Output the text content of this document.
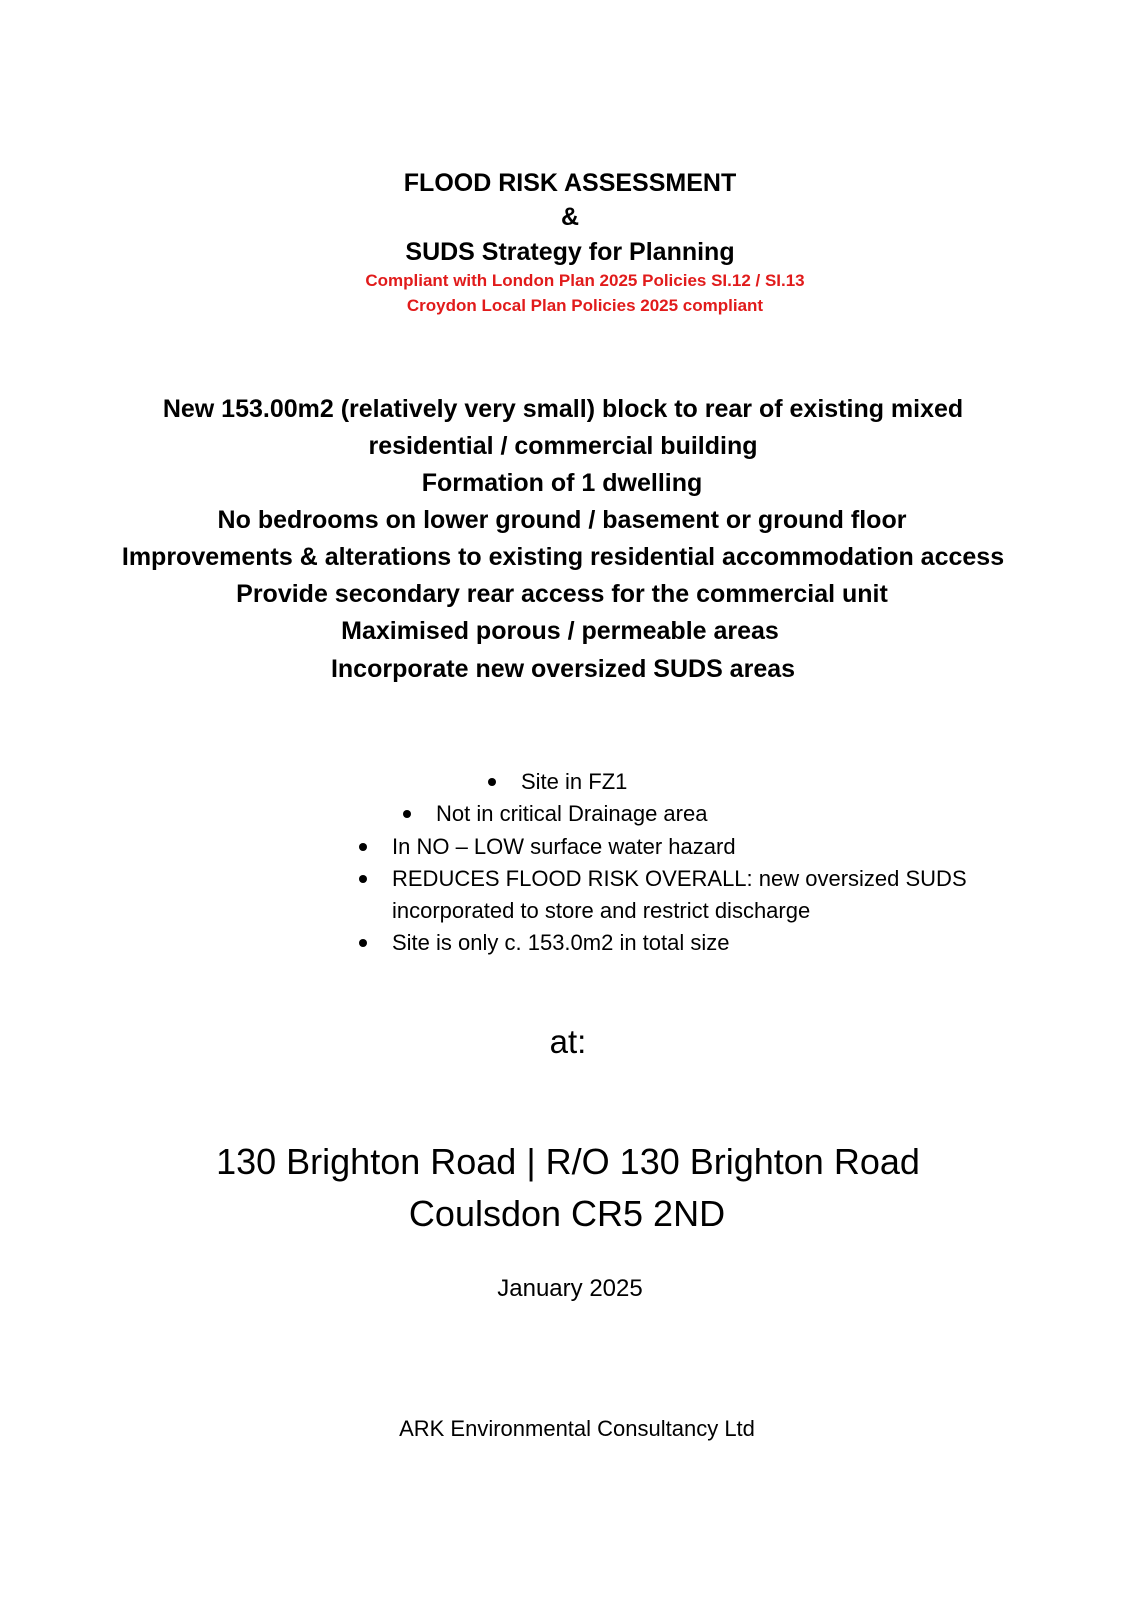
FLOOD RISK ASSESSMENT
&
SUDS Strategy for Planning
Compliant with London Plan 2025 Policies SI.12 / SI.13
Croydon Local Plan Policies 2025 compliant
New 153.00m2 (relatively very small) block to rear of existing mixed
residential / commercial building
Formation of 1 dwelling
No bedrooms on lower ground / basement or ground floor
Improvements & alterations to existing residential accommodation access
Provide secondary rear access for the commercial unit
Maximised porous / permeable areas
Incorporate new oversized SUDS areas
Site in FZ1
Not in critical Drainage area
In NO – LOW surface water hazard
REDUCES FLOOD RISK OVERALL: new oversized SUDS
incorporated to store and restrict discharge
Site is only c. 153.0m2 in total size
at:
130 Brighton Road | R/O 130 Brighton Road
Coulsdon CR5 2ND
January 2025
ARK Environmental Consultancy Ltd
